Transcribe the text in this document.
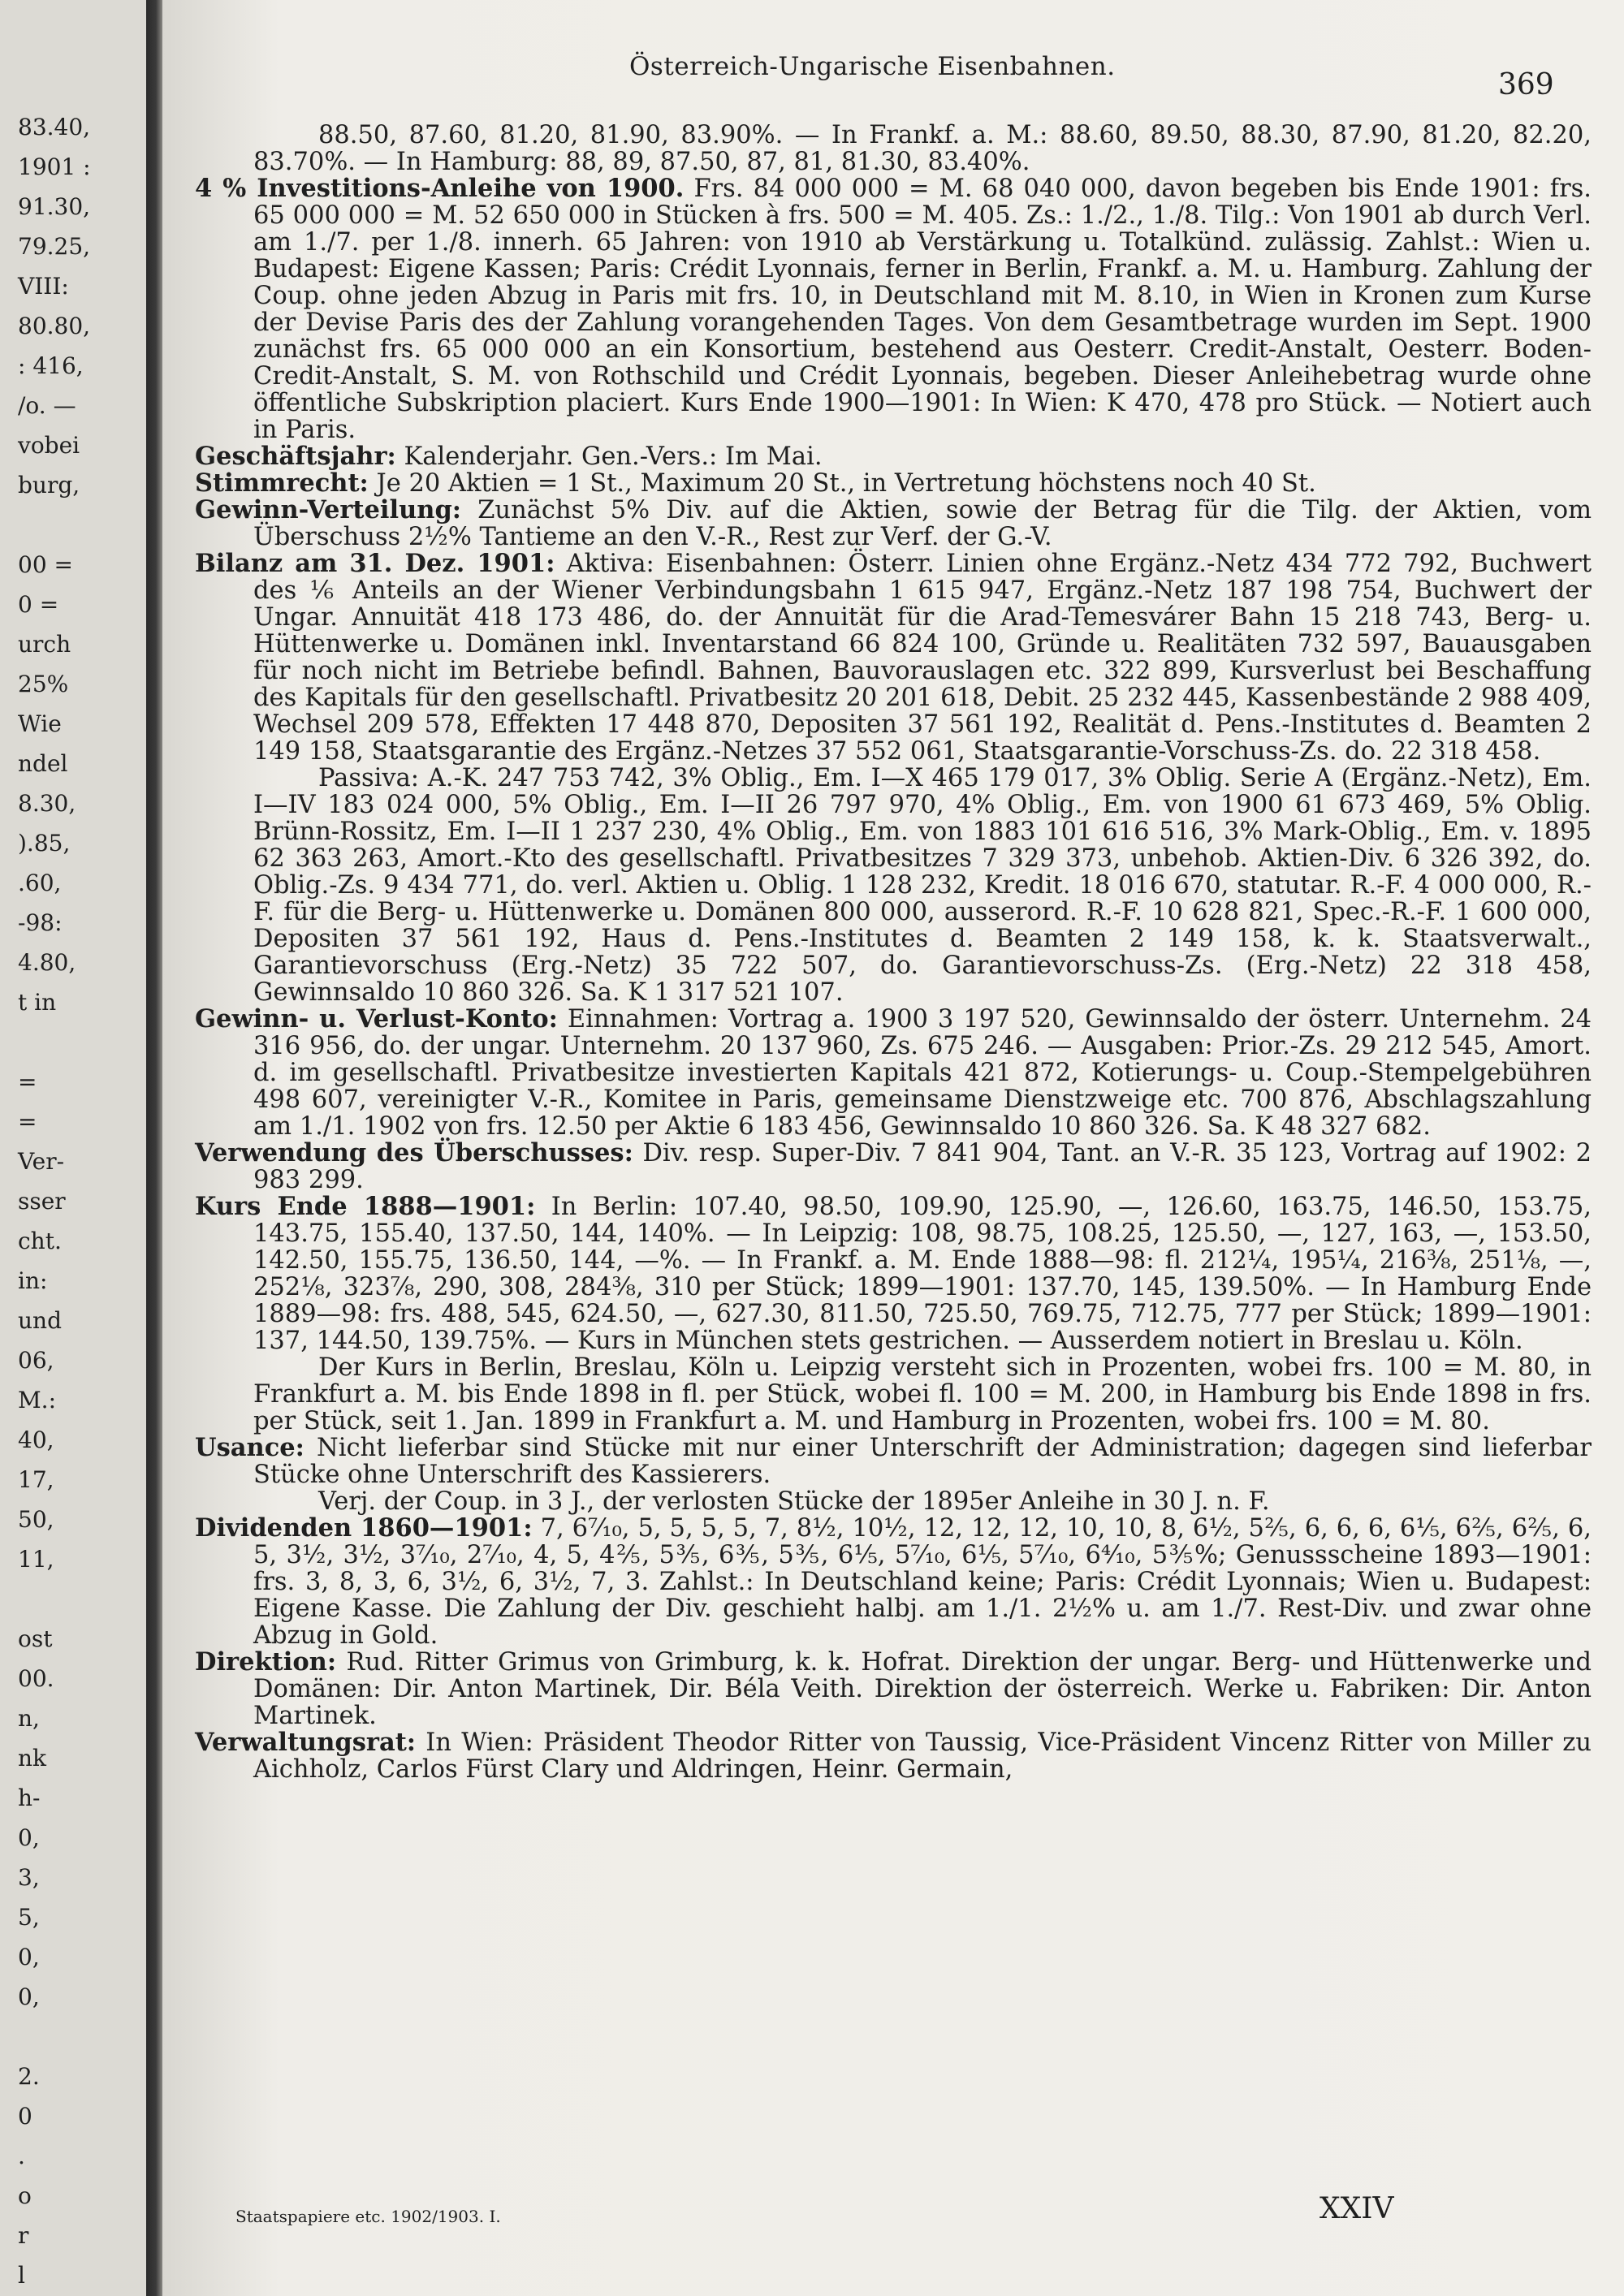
83.40,
1901 :
91.30,
79.25,
VIII:
80.80,
: 416,
/o. —
vobei
burg,
00 =
0 =
urch
25%
Wie
ndel
8.30,
).85,
.60,
-98:
4.80,
t in
=
=
Ver-
sser
cht.
in:
und
06,
M.:
40,
17,
50,
11,
ost
00.
n,
nk
h-
0,
3,
5,
0,
0,
2.
0
.
o
r
l
Österreich-Ungarische Eisenbahnen.
369

88.50, 87.60, 81.20, 81.90, 83.90%. — In Frankf. a. M.: 88.60, 89.50, 88.30, 87.90, 81.20, 82.20, 83.70%. — In Hamburg: 88, 89, 87.50, 87, 81, 81.30, 83.40%.

4 % Investitions-Anleihe von 1900. Frs. 84 000 000 = M. 68 040 000, davon begeben bis Ende 1901: frs. 65 000 000 = M. 52 650 000 in Stücken à frs. 500 = M. 405. Zs.: 1./2., 1./8. Tilg.: Von 1901 ab durch Verl. am 1./7. per 1./8. innerh. 65 Jahren: von 1910 ab Verstärkung u. Totalkünd. zulässig. Zahlst.: Wien u. Budapest: Eigene Kassen; Paris: Crédit Lyonnais, ferner in Berlin, Frankf. a. M. u. Hamburg. Zahlung der Coup. ohne jeden Abzug in Paris mit frs. 10, in Deutschland mit M. 8.10, in Wien in Kronen zum Kurse der Devise Paris des der Zahlung vorangehenden Tages. Von dem Gesamtbetrage wurden im Sept. 1900 zunächst frs. 65 000 000 an ein Konsortium, bestehend aus Oesterr. Credit-Anstalt, Oesterr. Boden-Credit-Anstalt, S. M. von Rothschild und Crédit Lyonnais, begeben. Dieser Anleihebetrag wurde ohne öffentliche Subskription placiert. Kurs Ende 1900—1901: In Wien: K 470, 478 pro Stück. — Notiert auch in Paris.

Geschäftsjahr: Kalenderjahr. Gen.-Vers.: Im Mai.

Stimmrecht: Je 20 Aktien = 1 St., Maximum 20 St., in Vertretung höchstens noch 40 St.

Gewinn-Verteilung: Zunächst 5% Div. auf die Aktien, sowie der Betrag für die Tilg. der Aktien, vom Überschuss 2½% Tantieme an den V.-R., Rest zur Verf. der G.-V.

Bilanz am 31. Dez. 1901: Aktiva: Eisenbahnen: Österr. Linien ohne Ergänz.-Netz 434 772 792, Buchwert des ⅙ Anteils an der Wiener Verbindungsbahn 1 615 947, Ergänz.-Netz 187 198 754, Buchwert der Ungar. Annuität 418 173 486, do. der Annuität für die Arad-Temesvárer Bahn 15 218 743, Berg- u. Hüttenwerke u. Domänen inkl. Inventarstand 66 824 100, Gründe u. Realitäten 732 597, Bauausgaben für noch nicht im Betriebe befindl. Bahnen, Bauvorauslagen etc. 322 899, Kursverlust bei Beschaffung des Kapitals für den gesellschaftl. Privatbesitz 20 201 618, Debit. 25 232 445, Kassenbestände 2 988 409, Wechsel 209 578, Effekten 17 448 870, Depositen 37 561 192, Realität d. Pens.-Institutes d. Beamten 2 149 158, Staatsgarantie des Ergänz.-Netzes 37 552 061, Staatsgarantie-Vorschuss-Zs. do. 22 318 458.

Passiva: A.-K. 247 753 742, 3% Oblig., Em. I—X 465 179 017, 3% Oblig. Serie A (Ergänz.-Netz), Em. I—IV 183 024 000, 5% Oblig., Em. I—II 26 797 970, 4% Oblig., Em. von 1900 61 673 469, 5% Oblig. Brünn-Rossitz, Em. I—II 1 237 230, 4% Oblig., Em. von 1883 101 616 516, 3% Mark-Oblig., Em. v. 1895 62 363 263, Amort.-Kto des gesellschaftl. Privatbesitzes 7 329 373, unbehob. Aktien-Div. 6 326 392, do. Oblig.-Zs. 9 434 771, do. verl. Aktien u. Oblig. 1 128 232, Kredit. 18 016 670, statutar. R.-F. 4 000 000, R.-F. für die Berg- u. Hüttenwerke u. Domänen 800 000, ausserord. R.-F. 10 628 821, Spec.-R.-F. 1 600 000, Depositen 37 561 192, Haus d. Pens.-Institutes d. Beamten 2 149 158, k. k. Staatsverwalt., Garantievorschuss (Erg.-Netz) 35 722 507, do. Garantievorschuss-Zs. (Erg.-Netz) 22 318 458, Gewinnsaldo 10 860 326. Sa. K 1 317 521 107.

Gewinn- u. Verlust-Konto: Einnahmen: Vortrag a. 1900 3 197 520, Gewinnsaldo der österr. Unternehm. 24 316 956, do. der ungar. Unternehm. 20 137 960, Zs. 675 246. — Ausgaben: Prior.-Zs. 29 212 545, Amort. d. im gesellschaftl. Privatbesitze investierten Kapitals 421 872, Kotierungs- u. Coup.-Stempelgebühren 498 607, vereinigter V.-R., Komitee in Paris, gemeinsame Dienstzweige etc. 700 876, Abschlagszahlung am 1./1. 1902 von frs. 12.50 per Aktie 6 183 456, Gewinnsaldo 10 860 326. Sa. K 48 327 682.

Verwendung des Überschusses: Div. resp. Super-Div. 7 841 904, Tant. an V.-R. 35 123, Vortrag auf 1902: 2 983 299.

Kurs Ende 1888—1901: In Berlin: 107.40, 98.50, 109.90, 125.90, —, 126.60, 163.75, 146.50, 153.75, 143.75, 155.40, 137.50, 144, 140%. — In Leipzig: 108, 98.75, 108.25, 125.50, —, 127, 163, —, 153.50, 142.50, 155.75, 136.50, 144, —%. — In Frankf. a. M. Ende 1888—98: fl. 212¼, 195¼, 216⅜, 251⅛, —, 252⅛, 323⅞, 290, 308, 284⅜, 310 per Stück; 1899—1901: 137.70, 145, 139.50%. — In Hamburg Ende 1889—98: frs. 488, 545, 624.50, —, 627.30, 811.50, 725.50, 769.75, 712.75, 777 per Stück; 1899—1901: 137, 144.50, 139.75%. — Kurs in München stets gestrichen. — Ausserdem notiert in Breslau u. Köln.

Der Kurs in Berlin, Breslau, Köln u. Leipzig versteht sich in Prozenten, wobei frs. 100 = M. 80, in Frankfurt a. M. bis Ende 1898 in fl. per Stück, wobei fl. 100 = M. 200, in Hamburg bis Ende 1898 in frs. per Stück, seit 1. Jan. 1899 in Frankfurt a. M. und Hamburg in Prozenten, wobei frs. 100 = M. 80.

Usance: Nicht lieferbar sind Stücke mit nur einer Unterschrift der Administration; dagegen sind lieferbar Stücke ohne Unterschrift des Kassierers.

Verj. der Coup. in 3 J., der verlosten Stücke der 1895er Anleihe in 30 J. n. F.

Dividenden 1860—1901: 7, 6⁷⁄₁₀, 5, 5, 5, 5, 7, 8½, 10½, 12, 12, 12, 10, 10, 8, 6½, 5⅖, 6, 6, 6, 6⅕, 6⅖, 6⅖, 6, 5, 3½, 3½, 3⁷⁄₁₀, 2⁷⁄₁₀, 4, 5, 4⅖, 5⅗, 6⅗, 5⅗, 6⅕, 5⁷⁄₁₀, 6⅕, 5⁷⁄₁₀, 6⁴⁄₁₀, 5⅗%; Genussscheine 1893—1901: frs. 3, 8, 3, 6, 3½, 6, 3½, 7, 3. Zahlst.: In Deutschland keine; Paris: Crédit Lyonnais; Wien u. Budapest: Eigene Kasse. Die Zahlung der Div. geschieht halbj. am 1./1. 2½% u. am 1./7. Rest-Div. und zwar ohne Abzug in Gold.

Direktion: Rud. Ritter Grimus von Grimburg, k. k. Hofrat. Direktion der ungar. Berg- und Hüttenwerke und Domänen: Dir. Anton Martinek, Dir. Béla Veith. Direktion der österreich. Werke u. Fabriken: Dir. Anton Martinek.

Verwaltungsrat: In Wien: Präsident Theodor Ritter von Taussig, Vice-Präsident Vincenz Ritter von Miller zu Aichholz, Carlos Fürst Clary und Aldringen, Heinr. Germain,

Staatspapiere etc. 1902/1903. I.	XXIV
